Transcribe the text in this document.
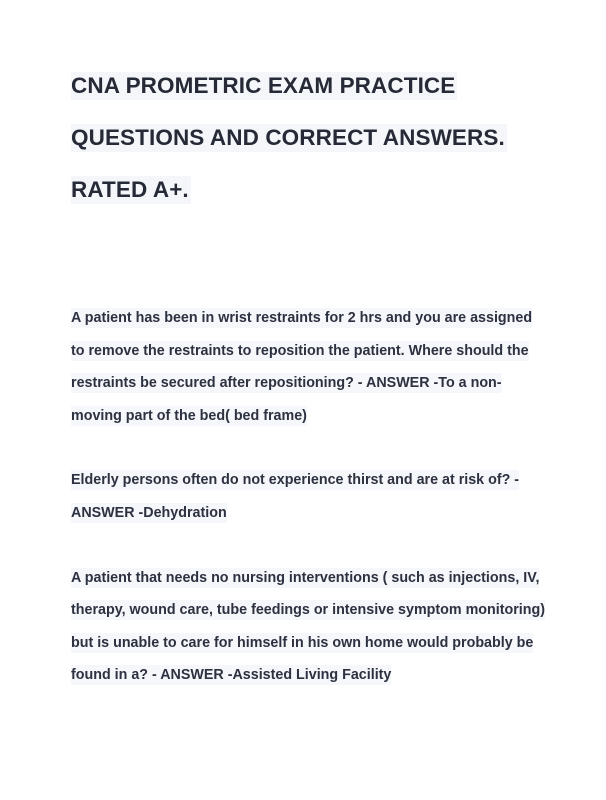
CNA PROMETRIC EXAM PRACTICE
QUESTIONS AND CORRECT ANSWERS.
RATED A+.
A patient has been in wrist restraints for 2 hrs and you are assigned
to remove the restraints to reposition the patient. Where should the
restraints be secured after repositioning? - ANSWER -To a non-
moving part of the bed( bed frame)
Elderly persons often do not experience thirst and are at risk of? -
ANSWER -Dehydration
A patient that needs no nursing interventions ( such as injections, IV,
therapy, wound care, tube feedings or intensive symptom monitoring)
but is unable to care for himself in his own home would probably be
found in a? - ANSWER -Assisted Living Facility
